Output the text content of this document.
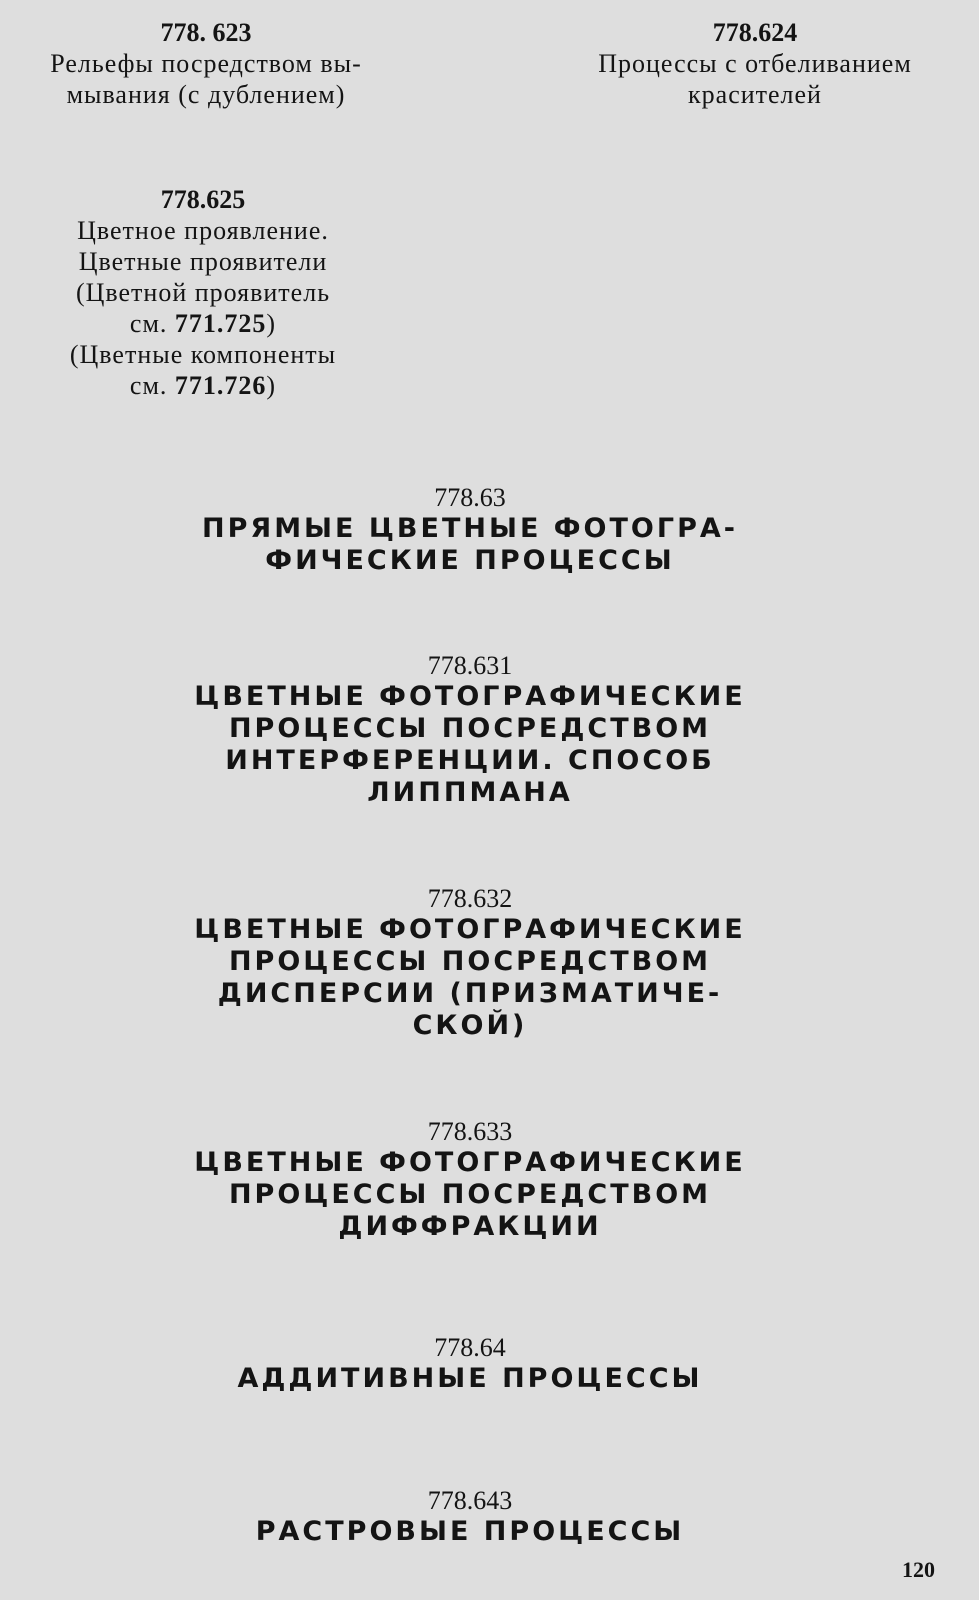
778. 623
Рельефы посредством вы-
мывания (с дублением)
778.624
Процессы с отбеливанием
красителей
778.625
Цветное проявление.
Цветные проявители
(Цветной проявитель
см. 771.725)
(Цветные компоненты
см. 771.726)
778.63
ПРЯМЫЕ ЦВЕТНЫЕ ФОТОГРА-
ФИЧЕСКИЕ ПРОЦЕССЫ
778.631
ЦВЕТНЫЕ ФОТОГРАФИЧЕСКИЕ
ПРОЦЕССЫ ПОСРЕДСТВОМ
ИНТЕРФЕРЕНЦИИ. СПОСОБ
ЛИППМАНА
778.632
ЦВЕТНЫЕ ФОТОГРАФИЧЕСКИЕ
ПРОЦЕССЫ ПОСРЕДСТВОМ
ДИСПЕРСИИ (ПРИЗМАТИЧЕ-
СКОЙ)
778.633
ЦВЕТНЫЕ ФОТОГРАФИЧЕСКИЕ
ПРОЦЕССЫ ПОСРЕДСТВОМ
ДИФФРАКЦИИ
778.64
АДДИТИВНЫЕ ПРОЦЕССЫ
778.643
РАСТРОВЫЕ ПРОЦЕССЫ
120
